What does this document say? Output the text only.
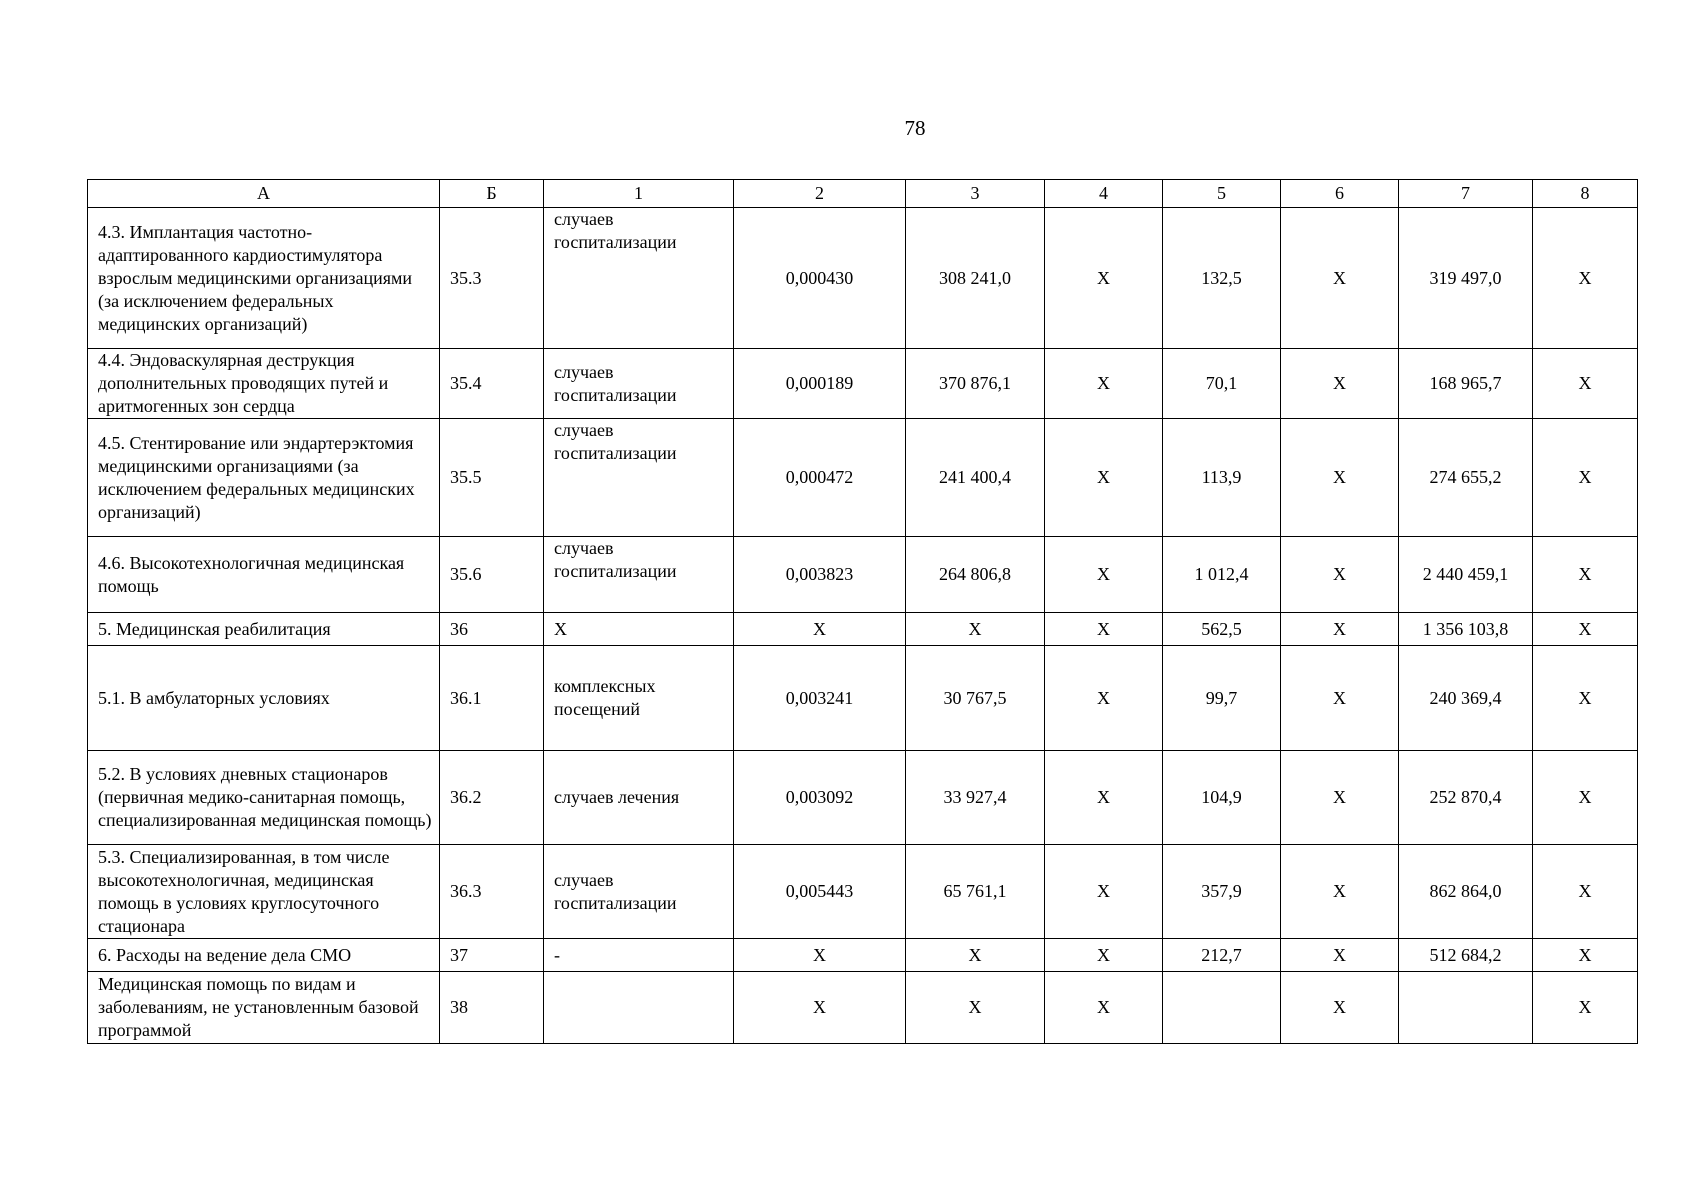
78
А	Б	1	2	3	4	5	6	7	8
4.3. Имплантация частотно-адаптированного кардиостимулятора взрослым медицинскими организациями (за исключением федеральных медицинских организаций)	35.3	случаев госпитализации	0,000430	308 241,0	Х	132,5	Х	319 497,0	Х
4.4. Эндоваскулярная деструкция дополнительных проводящих путей и аритмогенных зон сердца	35.4	случаев госпитализации	0,000189	370 876,1	Х	70,1	Х	168 965,7	Х
4.5. Стентирование или эндартерэктомия медицинскими организациями (за исключением федеральных медицинских организаций)	35.5	случаев госпитализации	0,000472	241 400,4	Х	113,9	Х	274 655,2	Х
4.6. Высокотехнологичная медицинская помощь	35.6	случаев госпитализации	0,003823	264 806,8	Х	1 012,4	Х	2 440 459,1	Х
5. Медицинская реабилитация	36	Х	Х	Х	Х	562,5	Х	1 356 103,8	Х
5.1. В амбулаторных условиях	36.1	комплексных посещений	0,003241	30 767,5	Х	99,7	Х	240 369,4	Х
5.2. В условиях дневных стационаров (первичная медико-санитарная помощь, специализированная медицинская помощь)	36.2	случаев лечения	0,003092	33 927,4	Х	104,9	Х	252 870,4	Х
5.3. Специализированная, в том числе высокотехнологичная, медицинская помощь в условиях круглосуточного стационара	36.3	случаев госпитализации	0,005443	65 761,1	Х	357,9	Х	862 864,0	Х
6. Расходы на ведение дела СМО	37	-	Х	Х	Х	212,7	Х	512 684,2	Х
Медицинская помощь по видам и заболеваниям, не установленным базовой программой	38		Х	Х	Х		Х		Х
